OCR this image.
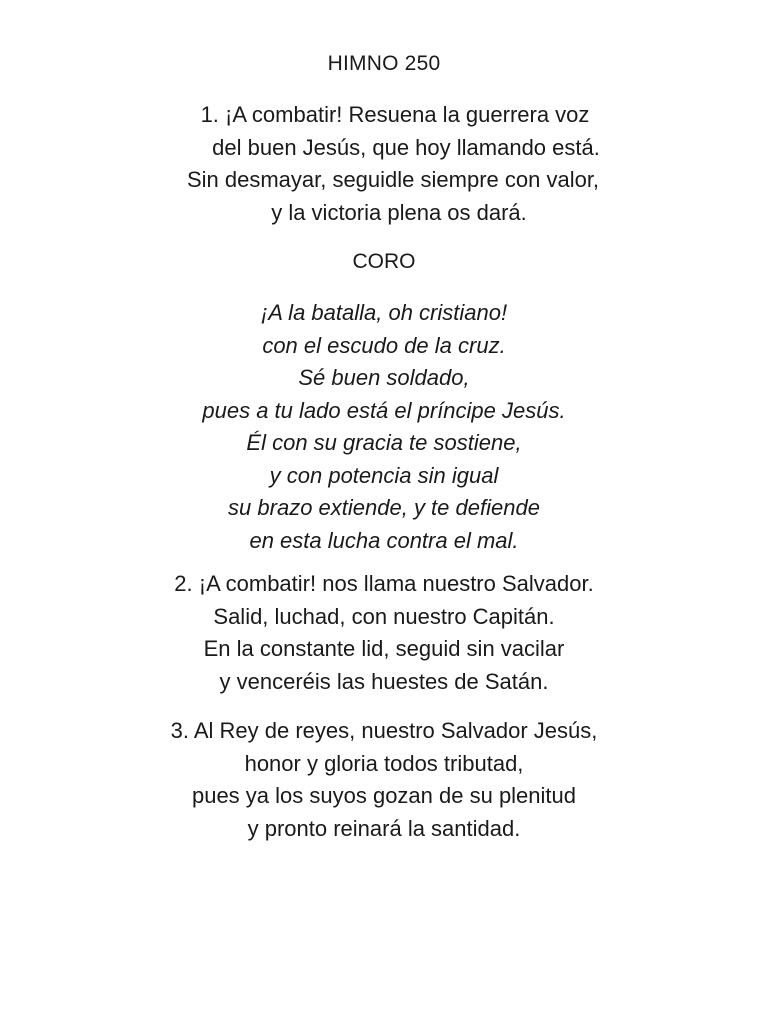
HIMNO 250
1. ¡A combatir! Resuena la guerrera voz
del buen Jesús, que hoy llamando está.
Sin desmayar, seguidle siempre con valor,
y la victoria plena os dará.
CORO
¡A la batalla, oh cristiano!
con el escudo de la cruz.
Sé buen soldado,
pues a tu lado está el príncipe Jesús.
Él con su gracia te sostiene,
y con potencia sin igual
su brazo extiende, y te defiende
en esta lucha contra el mal.
2. ¡A combatir! nos llama nuestro Salvador.
Salid, luchad, con nuestro Capitán.
En la constante lid, seguid sin vacilar
y venceréis las huestes de Satán.
3. Al Rey de reyes, nuestro Salvador Jesús,
honor y gloria todos tributad,
pues ya los suyos gozan de su plenitud
y pronto reinará la santidad.
